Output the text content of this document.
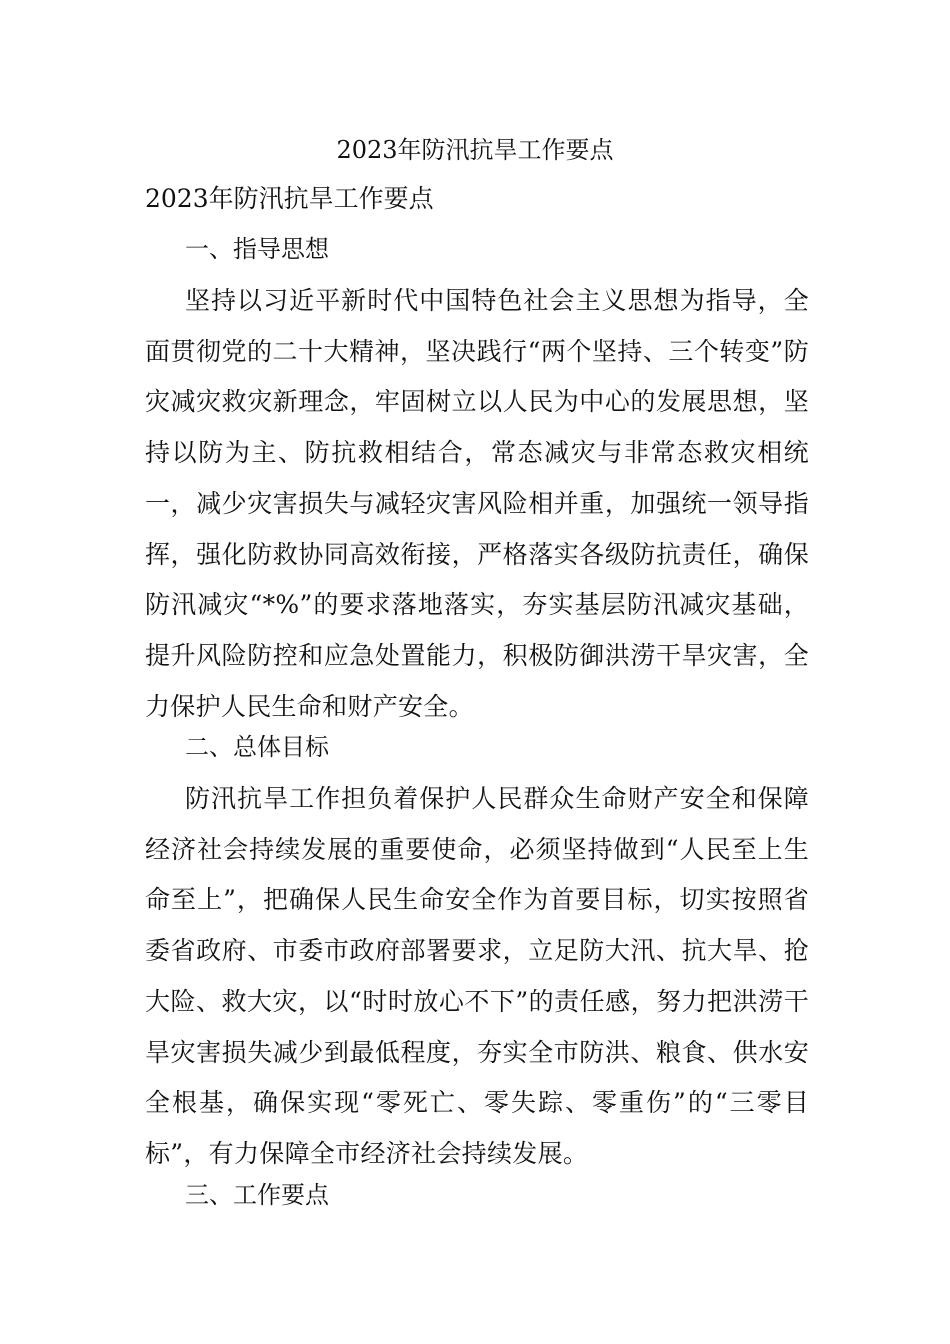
2023年防汛抗旱工作要点

2023年防汛抗旱工作要点

一、指导思想

坚持以习近平新时代中国特色社会主义思想为指导，全面贯彻党的二十大精神，坚决践行“两个坚持、三个转变”防灾减灾救灾新理念，牢固树立以人民为中心的发展思想，坚持以防为主、防抗救相结合，常态减灾与非常态救灾相统一，减少灾害损失与减轻灾害风险相并重，加强统一领导指挥，强化防救协同高效衔接，严格落实各级防抗责任，确保防汛减灾“*%”的要求落地落实，夯实基层防汛减灾基础，提升风险防控和应急处置能力，积极防御洪涝干旱灾害，全力保护人民生命和财产安全。

二、总体目标

防汛抗旱工作担负着保护人民群众生命财产安全和保障经济社会持续发展的重要使命，必须坚持做到“人民至上生命至上”，把确保人民生命安全作为首要目标，切实按照省委省政府、市委市政府部署要求，立足防大汛、抗大旱、抢大险、救大灾，以“时时放心不下”的责任感，努力把洪涝干旱灾害损失减少到最低程度，夯实全市防洪、粮食、供水安全根基，确保实现“零死亡、零失踪、零重伤”的“三零目标”，有力保障全市经济社会持续发展。

三、工作要点
